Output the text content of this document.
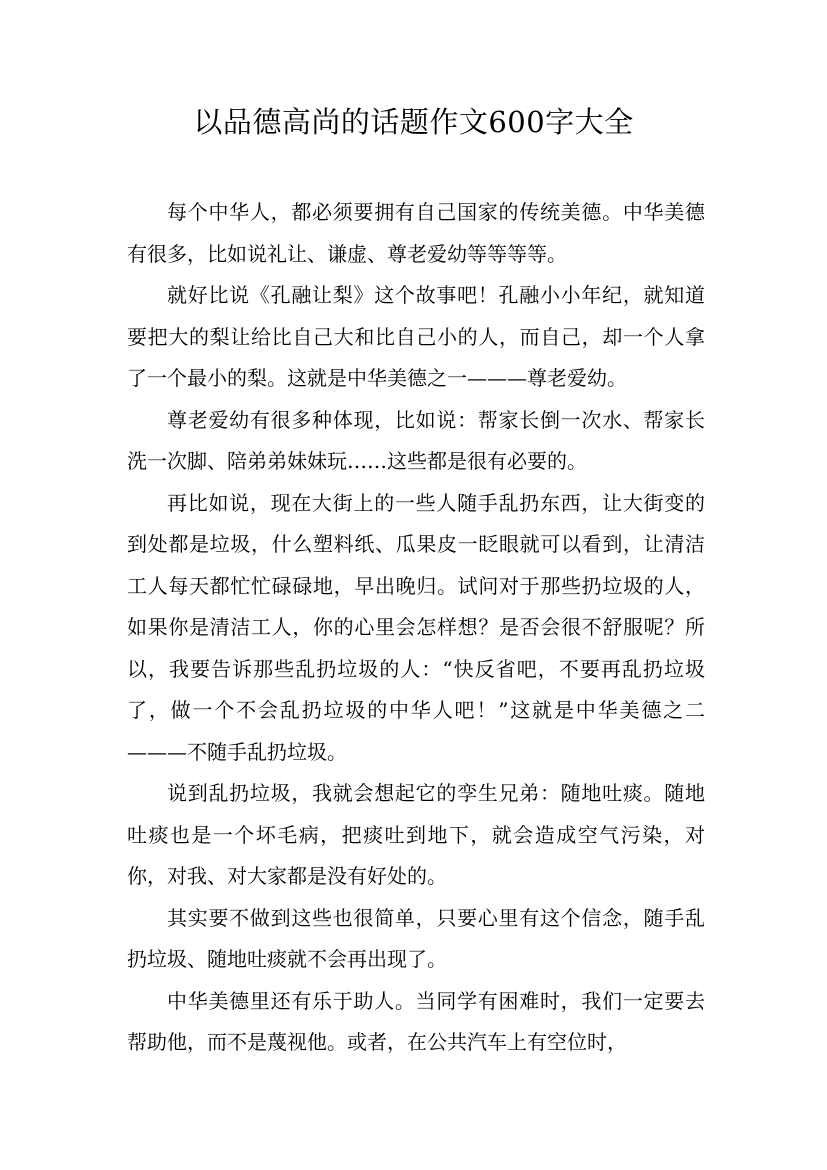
以品德高尚的话题作文600字大全

每个中华人，都必须要拥有自己国家的传统美德。中华美德有很多，比如说礼让、谦虚、尊老爱幼等等等等。

就好比说《孔融让梨》这个故事吧！孔融小小年纪，就知道要把大的梨让给比自己大和比自己小的人，而自己，却一个人拿了一个最小的梨。这就是中华美德之一———尊老爱幼。

尊老爱幼有很多种体现，比如说：帮家长倒一次水、帮家长洗一次脚、陪弟弟妹妹玩……这些都是很有必要的。

再比如说，现在大街上的一些人随手乱扔东西，让大街变的到处都是垃圾，什么塑料纸、瓜果皮一眨眼就可以看到，让清洁工人每天都忙忙碌碌地，早出晚归。试问对于那些扔垃圾的人，如果你是清洁工人，你的心里会怎样想？是否会很不舒服呢？所以，我要告诉那些乱扔垃圾的人：“快反省吧，不要再乱扔垃圾了，做一个不会乱扔垃圾的中华人吧！”这就是中华美德之二———不随手乱扔垃圾。

说到乱扔垃圾，我就会想起它的孪生兄弟：随地吐痰。随地吐痰也是一个坏毛病，把痰吐到地下，就会造成空气污染，对你，对我、对大家都是没有好处的。

其实要不做到这些也很简单，只要心里有这个信念，随手乱扔垃圾、随地吐痰就不会再出现了。

中华美德里还有乐于助人。当同学有困难时，我们一定要去帮助他，而不是蔑视他。或者，在公共汽车上有空位时，
